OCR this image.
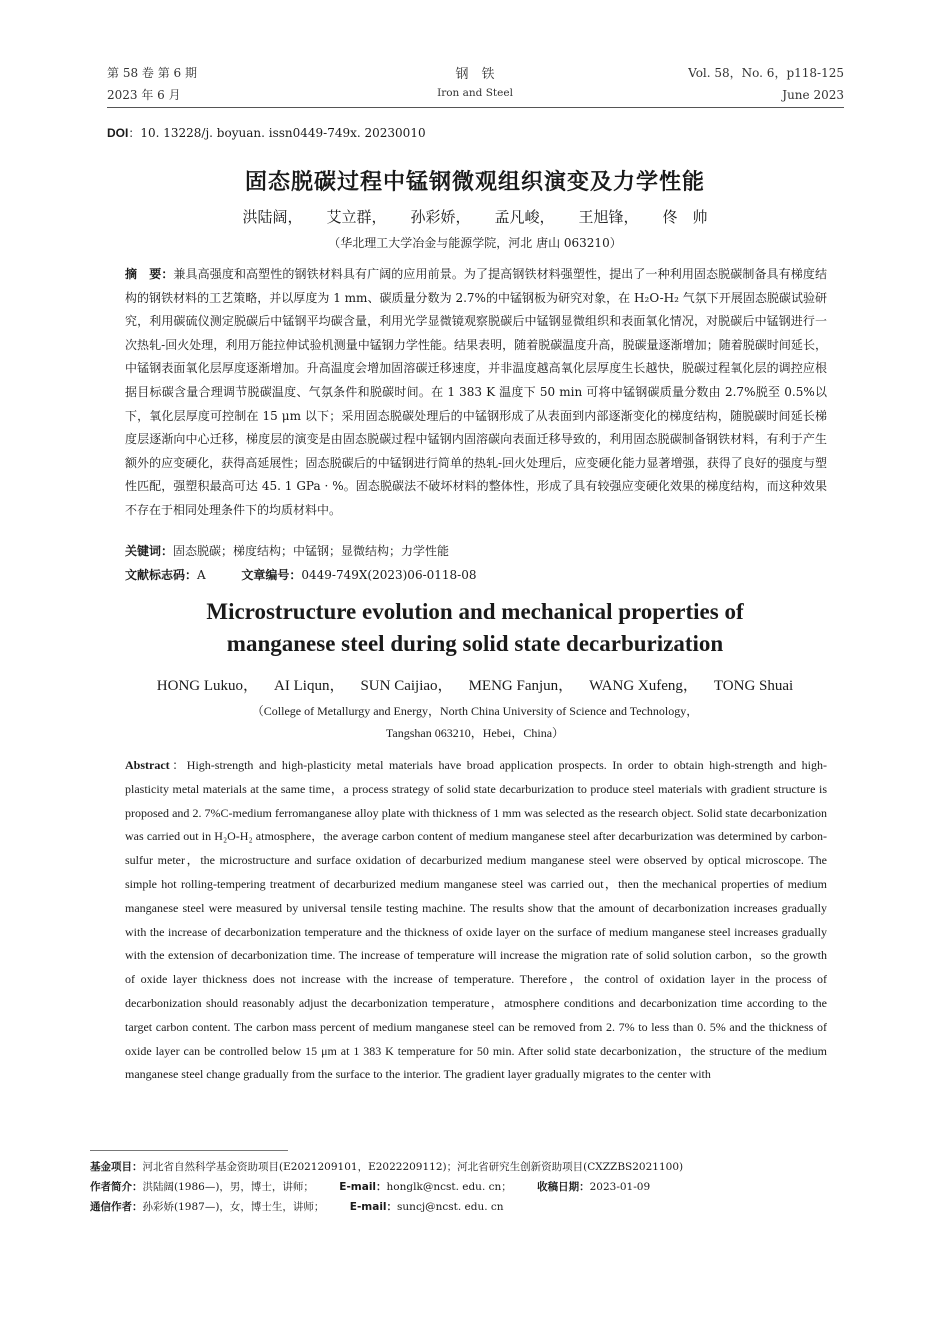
第 58 卷 第 6 期
2023 年 6 月
钢　铁
Iron and Steel
Vol. 58，No. 6，p118-125
June 2023
DOI：10. 13228/j. boyuan. issn0449-749x. 20230010
固态脱碳过程中锰钢微观组织演变及力学性能
洪陆阔， 艾立群， 孙彩娇， 孟凡峻， 王旭锋， 佟　帅
（华北理工大学冶金与能源学院，河北 唐山 063210）
摘　要：兼具高强度和高塑性的钢铁材料具有广阔的应用前景。为了提高钢铁材料强塑性，提出了一种利用固态脱碳制备具有梯度结构的钢铁材料的工艺策略，并以厚度为 1 mm、碳质量分数为 2.7%的中锰钢板为研究对象，在 H₂O-H₂ 气氛下开展固态脱碳试验研究，利用碳硫仪测定脱碳后中锰钢平均碳含量，利用光学显微镜观察脱碳后中锰钢显微组织和表面氧化情况，对脱碳后中锰钢进行一次热轧-回火处理，利用万能拉伸试验机测量中锰钢力学性能。结果表明，随着脱碳温度升高，脱碳量逐渐增加；随着脱碳时间延长，中锰钢表面氧化层厚度逐渐增加。升高温度会增加固溶碳迁移速度，并非温度越高氧化层厚度生长越快，脱碳过程氧化层的调控应根据目标碳含量合理调节脱碳温度、气氛条件和脱碳时间。在 1 383 K 温度下 50 min 可将中锰钢碳质量分数由 2.7%脱至 0.5%以下，氧化层厚度可控制在 15 μm 以下；采用固态脱碳处理后的中锰钢形成了从表面到内部逐渐变化的梯度结构，随脱碳时间延长梯度层逐渐向中心迁移，梯度层的演变是由固态脱碳过程中锰钢内固溶碳向表面迁移导致的，利用固态脱碳制备钢铁材料，有利于产生额外的应变硬化，获得高延展性；固态脱碳后的中锰钢进行简单的热轧-回火处理后，应变硬化能力显著增强，获得了良好的强度与塑性匹配，强塑积最高可达 45. 1 GPa · %。固态脱碳法不破坏材料的整体性，形成了具有较强应变硬化效果的梯度结构，而这种效果不存在于相同处理条件下的均质材料中。
关键词：固态脱碳；梯度结构；中锰钢；显微结构；力学性能
文献标志码：A	文章编号：0449-749X(2023)06-0118-08
Microstructure evolution and mechanical properties of
manganese steel during solid state decarburization
HONG Lukuo， AI Liqun， SUN Caijiao， MENG Fanjun， WANG Xufeng， TONG Shuai
（College of Metallurgy and Energy，North China University of Science and Technology，
Tangshan 063210，Hebei，China）
Abstract：High-strength and high-plasticity metal materials have broad application prospects. In order to obtain high-strength and high-plasticity metal materials at the same time，a process strategy of solid state decarburization to produce steel materials with gradient structure is proposed and 2. 7%C-medium ferromanganese alloy plate with thickness of 1 mm was selected as the research object. Solid state decarbonization was carried out in H₂O-H₂ atmosphere，the average carbon content of medium manganese steel after decarburization was determined by carbon-sulfur meter，the microstructure and surface oxidation of decarburized medium manganese steel were observed by optical microscope. The simple hot rolling-tempering treatment of decarburized medium manganese steel was carried out，then the mechanical properties of medium manganese steel were measured by universal tensile testing machine. The results show that the amount of decarbonization increases gradually with the increase of decarbonization temperature and the thickness of oxide layer on the surface of medium manganese steel increases gradually with the extension of decarbonization time. The increase of temperature will increase the migration rate of solid solution carbon，so the growth of oxide layer thickness does not increase with the increase of temperature. Therefore，the control of oxidation layer in the process of decarbonization should reasonably adjust the decarbonization temperature，atmosphere conditions and decarbonization time according to the target carbon content. The carbon mass percent of medium manganese steel can be removed from 2. 7% to less than 0. 5% and the thickness of oxide layer can be controlled below 15 μm at 1 383 K temperature for 50 min. After solid state decarbonization，the structure of the medium manganese steel change gradually from the surface to the interior. The gradient layer gradually migrates to the center with
基金项目：河北省自然科学基金资助项目(E2021209101，E2022209112)；河北省研究生创新资助项目(CXZZBS2021100)
作者简介：洪陆阔(1986—)，男，博士，讲师； E-mail：honglk@ncst. edu. cn； 收稿日期：2023-01-09
通信作者：孙彩娇(1987—)，女，博士生，讲师； E-mail：suncj@ncst. edu. cn
